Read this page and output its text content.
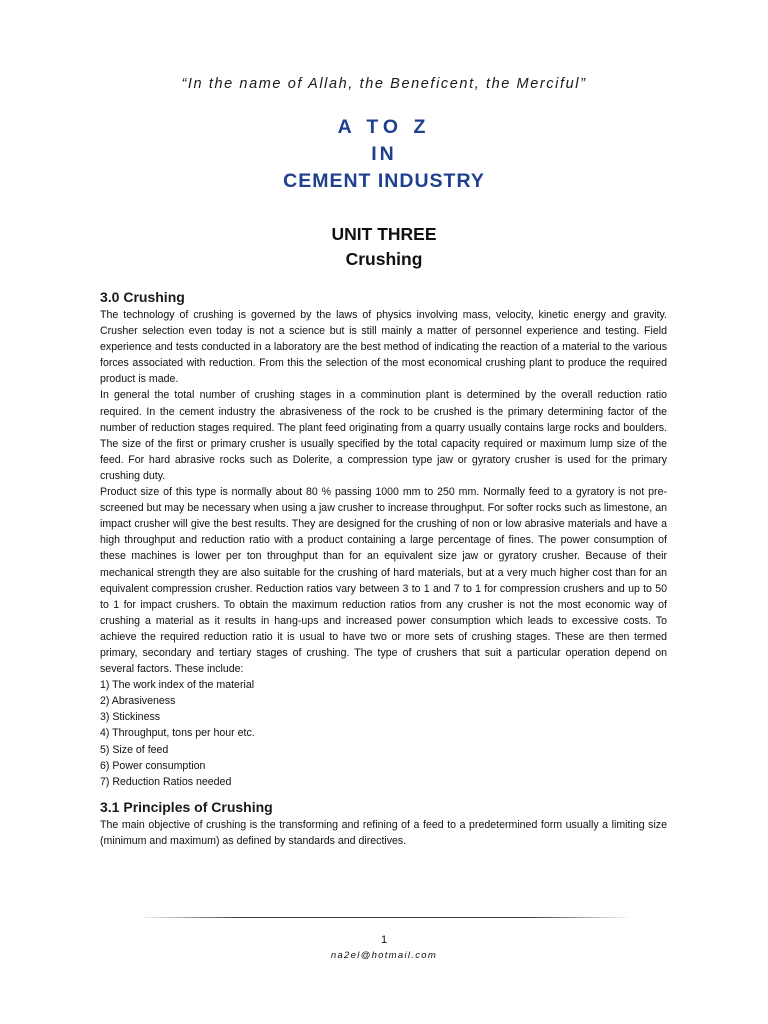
“In the name of Allah, the Beneficent, the Merciful”
A TO Z
IN
CEMENT INDUSTRY
UNIT THREE
Crushing
3.0 Crushing

The technology of crushing is governed by the laws of physics involving mass, velocity, kinetic energy and gravity. Crusher selection even today is not a science but is still mainly a matter of personnel experience and testing. Field experience and tests conducted in a laboratory are the best method of indicating the reaction of a material to the various forces associated with reduction. From this the selection of the most economical crushing plant to produce the required product is made.

In general the total number of crushing stages in a comminution plant is determined by the overall reduction ratio required. In the cement industry the abrasiveness of the rock to be crushed is the primary determining factor of the number of reduction stages required. The plant feed originating from a quarry usually contains large rocks and boulders. The size of the first or primary crusher is usually specified by the total capacity required or maximum lump size of the feed. For hard abrasive rocks such as Dolerite, a compression type jaw or gyratory crusher is used for the primary crushing duty.

Product size of this type is normally about 80 % passing 1000 mm to 250 mm. Normally feed to a gyratory is not pre-screened but may be necessary when using a jaw crusher to increase throughput. For softer rocks such as limestone, an impact crusher will give the best results. They are designed for the crushing of non or low abrasive materials and have a high throughput and reduction ratio with a product containing a large percentage of fines. The power consumption of these machines is lower per ton throughput than for an equivalent size jaw or gyratory crusher. Because of their mechanical strength they are also suitable for the crushing of hard materials, but at a very much higher cost than for an equivalent compression crusher. Reduction ratios vary between 3 to 1 and 7 to 1 for compression crushers and up to 50 to 1 for impact crushers. To obtain the maximum reduction ratios from any crusher is not the most economic way of crushing a material as it results in hang-ups and increased power consumption which leads to excessive costs. To achieve the required reduction ratio it is usual to have two or more sets of crushing stages. These are then termed primary, secondary and tertiary stages of crushing. The type of crushers that suit a particular operation depend on several factors. These include:

1) The work index of the material
2) Abrasiveness
3) Stickiness
4) Throughput, tons per hour etc.
5) Size of feed
6) Power consumption
7) Reduction Ratios needed
3.1 Principles of Crushing

The main objective of crushing is the transforming and refining of a feed to a predetermined form usually a limiting size (minimum and maximum) as defined by standards and directives.

1
na2el@hotmail.com
